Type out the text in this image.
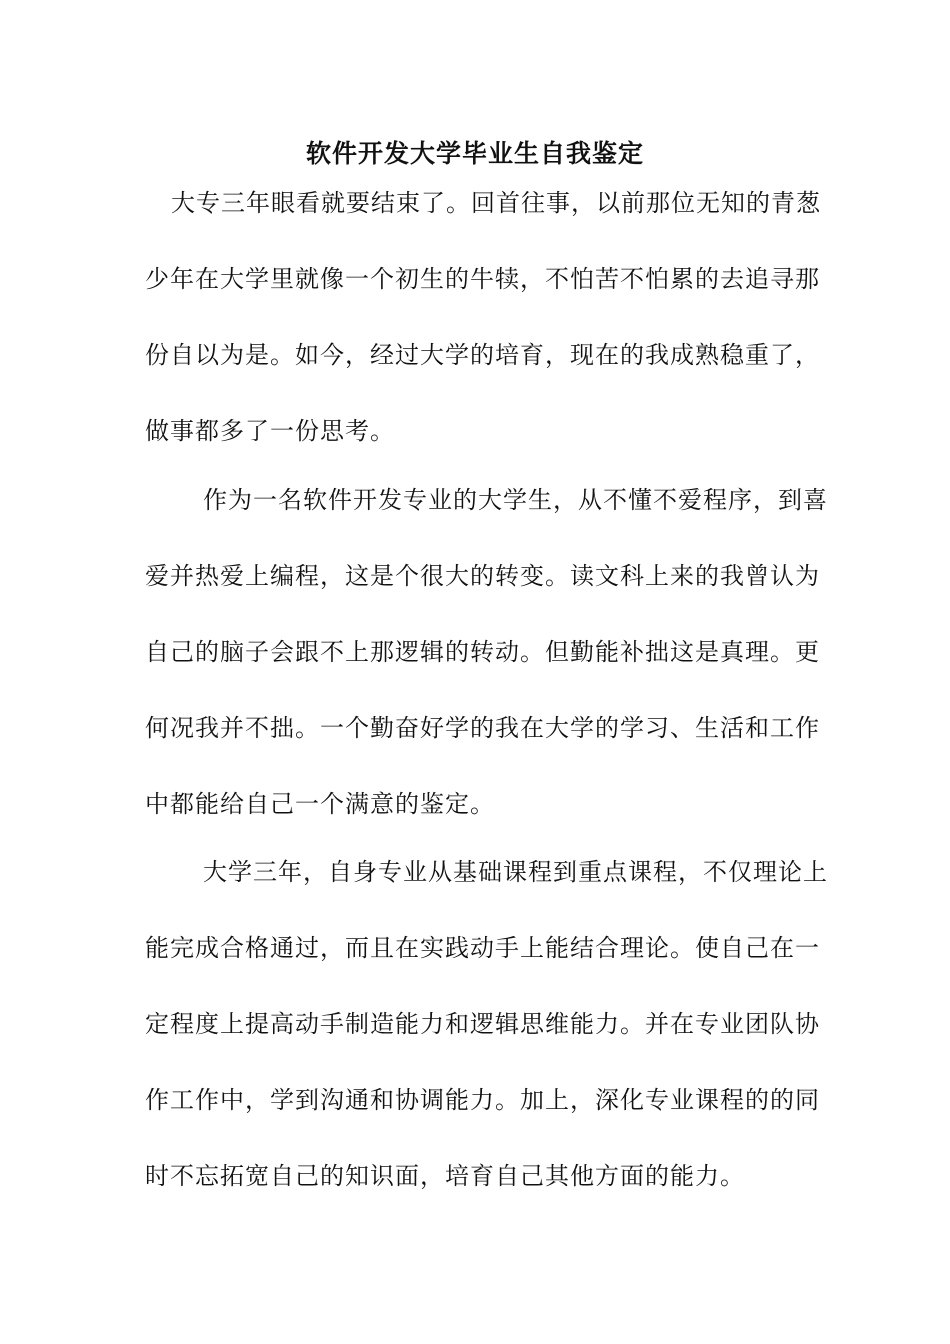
软件开发大学毕业生自我鉴定
大专三年眼看就要结束了。回首往事，以前那位无知的青葱
少年在大学里就像一个初生的牛犊，不怕苦不怕累的去追寻那
份自以为是。如今，经过大学的培育，现在的我成熟稳重了，
做事都多了一份思考。
作为一名软件开发专业的大学生，从不懂不爱程序，到喜
爱并热爱上编程，这是个很大的转变。读文科上来的我曾认为
自己的脑子会跟不上那逻辑的转动。但勤能补拙这是真理。更
何况我并不拙。一个勤奋好学的我在大学的学习、生活和工作
中都能给自己一个满意的鉴定。
大学三年，自身专业从基础课程到重点课程，不仅理论上
能完成合格通过，而且在实践动手上能结合理论。使自己在一
定程度上提高动手制造能力和逻辑思维能力。并在专业团队协
作工作中，学到沟通和协调能力。加上，深化专业课程的的同
时不忘拓宽自己的知识面，培育自己其他方面的能力。
